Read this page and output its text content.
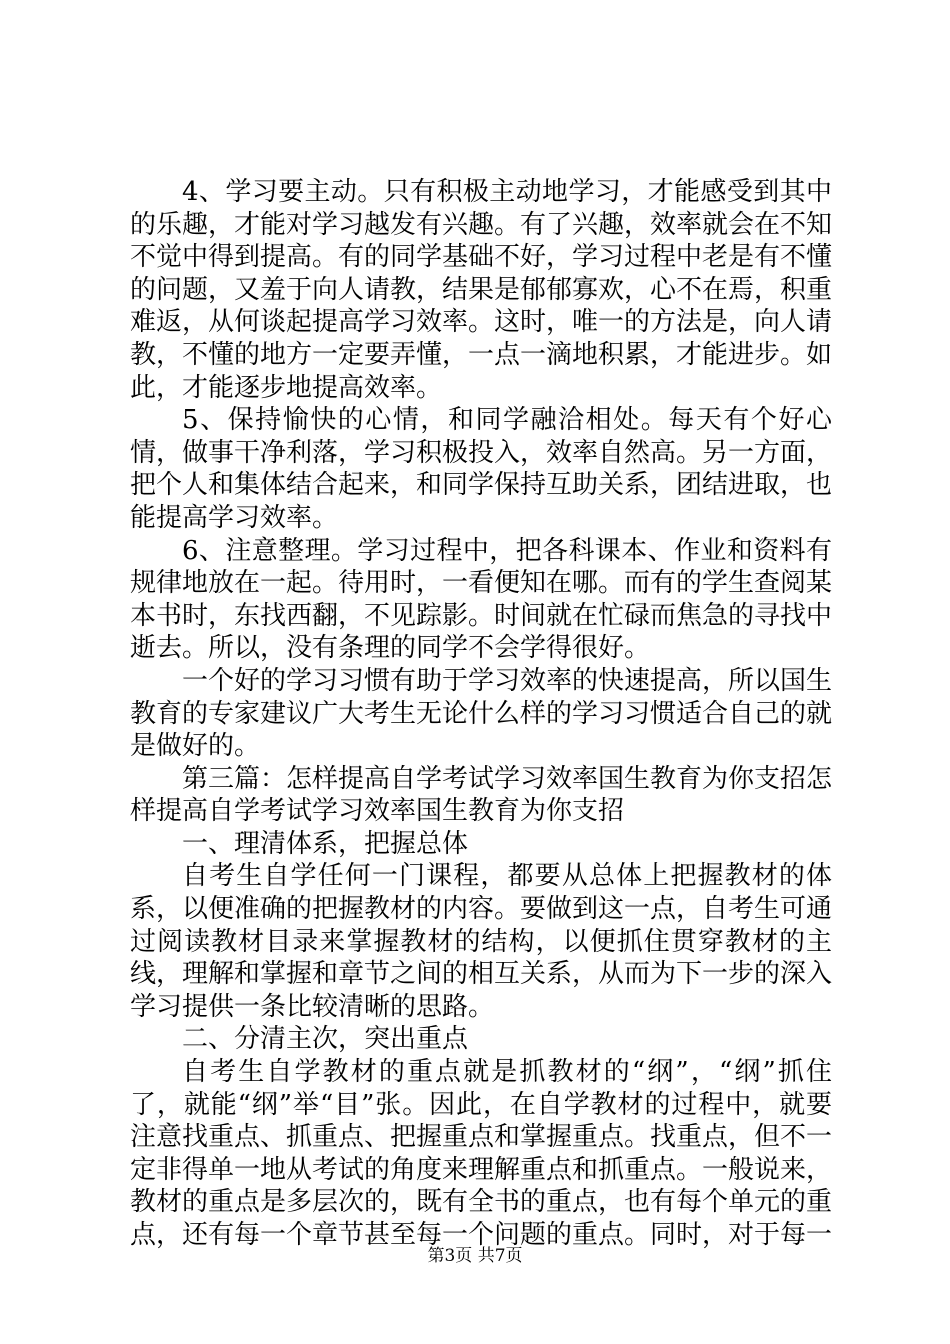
4、学习要主动。只有积极主动地学习，才能感受到其中的乐趣，才能对学习越发有兴趣。有了兴趣，效率就会在不知不觉中得到提高。有的同学基础不好，学习过程中老是有不懂的问题，又羞于向人请教，结果是郁郁寡欢，心不在焉，积重难返，从何谈起提高学习效率。这时，唯一的方法是，向人请教，不懂的地方一定要弄懂，一点一滴地积累，才能进步。如此，才能逐步地提高效率。

5、保持愉快的心情，和同学融洽相处。每天有个好心情，做事干净利落，学习积极投入，效率自然高。另一方面，把个人和集体结合起来，和同学保持互助关系，团结进取，也能提高学习效率。

6、注意整理。学习过程中，把各科课本、作业和资料有规律地放在一起。待用时，一看便知在哪。而有的学生查阅某本书时，东找西翻，不见踪影。时间就在忙碌而焦急的寻找中逝去。所以，没有条理的同学不会学得很好。

一个好的学习习惯有助于学习效率的快速提高，所以国生教育的专家建议广大考生无论什么样的学习习惯适合自己的就是做好的。

第三篇：怎样提高自学考试学习效率国生教育为你支招怎样提高自学考试学习效率国生教育为你支招

一、理清体系，把握总体

自考生自学任何一门课程，都要从总体上把握教材的体系，以便准确的把握教材的内容。要做到这一点，自考生可通过阅读教材目录来掌握教材的结构，以便抓住贯穿教材的主线，理解和掌握和章节之间的相互关系，从而为下一步的深入学习提供一条比较清晰的思路。

二、分清主次，突出重点

自考生自学教材的重点就是抓教材的“纲”，“纲”抓住了，就能“纲”举“目”张。因此，在自学教材的过程中，就要注意找重点、抓重点、把握重点和掌握重点。找重点，但不一定非得单一地从考试的角度来理解重点和抓重点。一般说来，教材的重点是多层次的，既有全书的重点，也有每个单元的重点，还有每一个章节甚至每一个问题的重点。同时，对于每一

第3页 共7页
